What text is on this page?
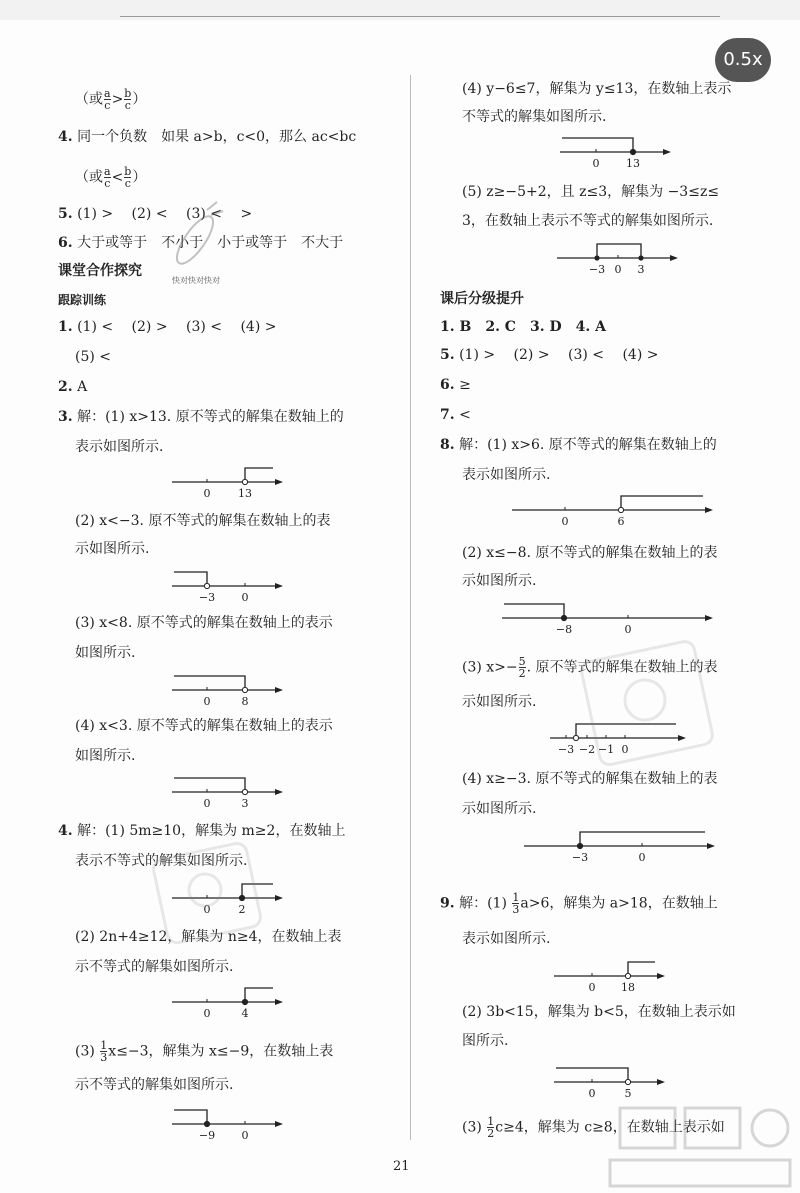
0.5x
（或 $\frac{a}{c} > \frac{b}{c}$ ）
4. 同一个负数　如果 a>b，c<0，那么 ac<bc
（或 $\frac{a}{c} < \frac{b}{c}$ ）
5. (1) >　 (2) <　 (3) <　 >
6. 大于或等于　不小于　小于或等于　不大于
快对快对快对
课堂合作探究
跟踪训练
1. (1) <　 (2) >　 (3) <　 (4) >
(5) <
2. A
3. 解：(1) x>13. 原不等式的解集在数轴上的
表示如图所示.
0	13
(2) x<−3. 原不等式的解集在数轴上的表
示如图所示.
−3 0
(3) x<8. 原不等式的解集在数轴上的表示
如图所示.
0	8
(4) x<3. 原不等式的解集在数轴上的表示
如图所示.
0	3
4. 解：(1) 5m≥10，解集为 m≥2，在数轴上
表示不等式的解集如图所示.
0	2
(2) 2n+4≥12，解集为 n≥4，在数轴上表
示不等式的解集如图所示.
0	4
$(3) \frac{1}{3} x\le-3$，解集为 x≤−9，在数轴上表
示不等式的解集如图所示.
−9 0
(4) y−6≤7，解集为 y≤13，在数轴上表示
不等式的解集如图所示.
0 13
(5) z≥−5+2，且 z≤3，解集为 −3≤z≤
3，在数轴上表示不等式的解集如图所示.
−3 0 3
课后分级提升
1. B　2. C　3. D　4. A
5. (1) >　 (2) >　 (3) <　 (4) >
6. ≥
7. <
8. 解：(1) x>6. 原不等式的解集在数轴上的
表示如图所示.
0	6
(2) x≤−8. 原不等式的解集在数轴上的表
示如图所示.
−8	0
(3) $x>- \frac{5}{2}$ . 原不等式的解集在数轴上的表
示如图所示.
−3 −2 −1 0
(4) x≥−3. 原不等式的解集在数轴上的表
示如图所示.
−3	0
9. 解：$(1) \frac{1}{3} a>6$，解集为 a>18，在数轴上
表示如图所示.
0 18
(2) 3b<15，解集为 b<5，在数轴上表示如
图所示.
0	5
$(3) \frac{1}{2} c\ge 4$，解集为 c≥8，在数轴上表示如
21
